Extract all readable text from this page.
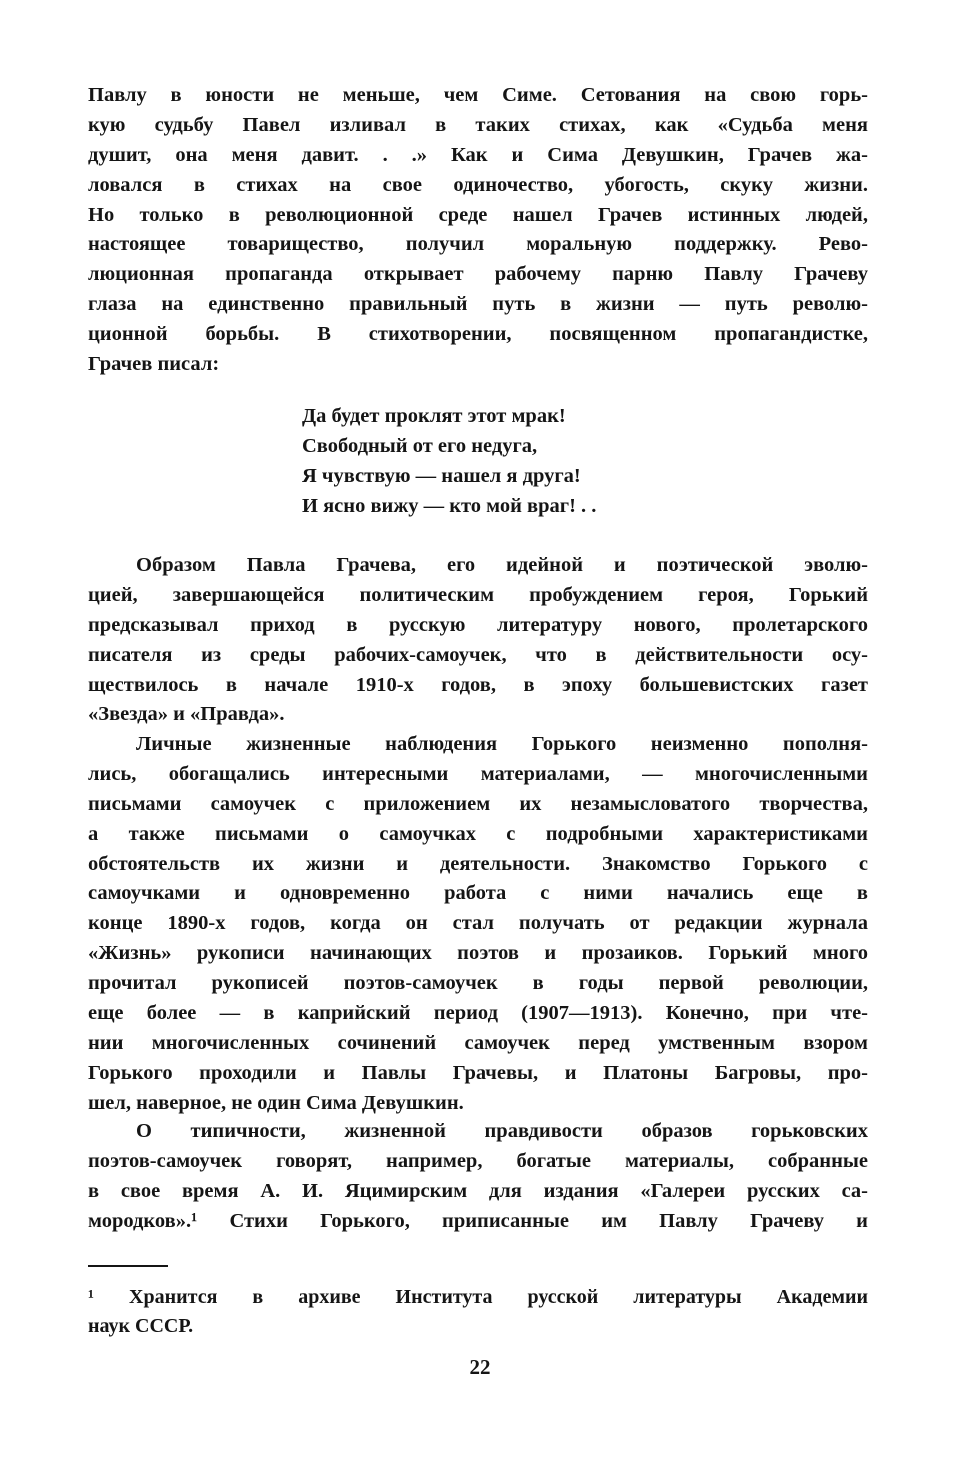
Павлу в юности не меньше, чем Симе. Сетования на свою горь-
кую судьбу Павел изливал в таких стихах, как «Судьба меня
душит, она меня давит. . .» Как и Сима Девушкин, Грачев жа-
ловался в стихах на свое одиночество, убогость, скуку жизни.
Но только в революционной среде нашел Грачев истинных людей,
настоящее товарищество, получил моральную поддержку. Рево-
люционная пропаганда открывает рабочему парню Павлу Грачеву
глаза на единственно правильный путь в жизни — путь револю-
ционной борьбы. В стихотворении, посвященном пропагандистке,
Грачев писал:
Да будет проклят этот мрак!
Свободный от его недуга,
Я чувствую — нашел я друга!
И ясно вижу — кто мой враг! . .
Образом Павла Грачева, его идейной и поэтической эволю-
цией, завершающейся политическим пробуждением героя, Горький
предсказывал приход в русскую литературу нового, пролетарского
писателя из среды рабочих-самоучек, что в действительности осу-
ществилось в начале 1910-х годов, в эпоху большевистских газет
«Звезда» и «Правда».
Личные жизненные наблюдения Горького неизменно пополня-
лись, обогащались интересными материалами, — многочисленными
письмами самоучек с приложением их незамысловатого творчества,
а также письмами о самоучках с подробными характеристиками
обстоятельств их жизни и деятельности. Знакомство Горького с
самоучками и одновременно работа с ними начались еще в
конце 1890-х годов, когда он стал получать от редакции журнала
«Жизнь» рукописи начинающих поэтов и прозаиков. Горький много
прочитал рукописей поэтов-самоучек в годы первой революции,
еще более — в каприйский период (1907—1913). Конечно, при чте-
нии многочисленных сочинений самоучек перед умственным взором
Горького проходили и Павлы Грачевы, и Платоны Багровы, про-
шел, наверное, не один Сима Девушкин.
О типичности, жизненной правдивости образов горьковских
поэтов-самоучек говорят, например, богатые материалы, собранные
в свое время А. И. Яцимирским для издания «Галереи русских са-
мородков».¹ Стихи Горького, приписанные им Павлу Грачеву и
¹ Хранится в архиве Института русской литературы Академии
наук СССР.
22
